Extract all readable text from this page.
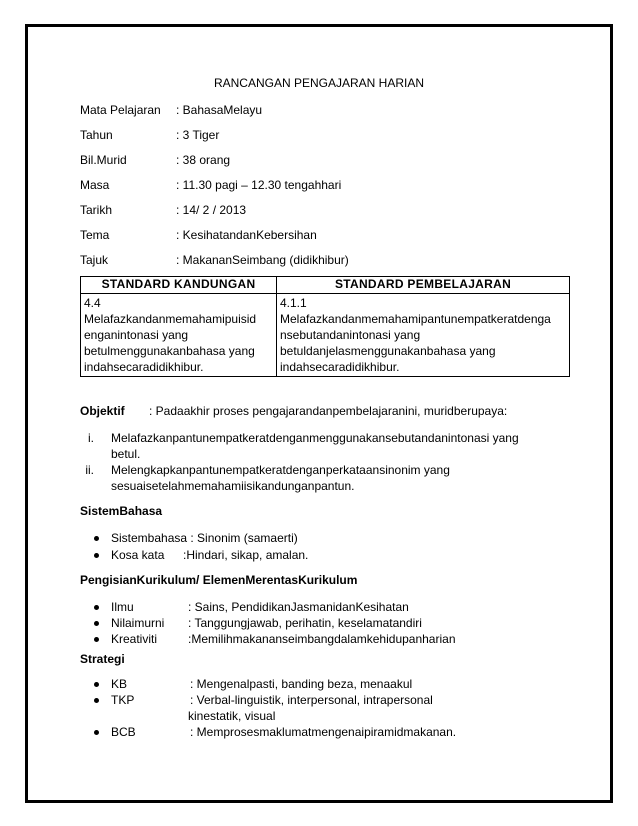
RANCANGAN PENGAJARAN HARIAN
Mata Pelajaran : BahasaMelayu
Tahun	: 3 Tiger
Bil.Murid	: 38 orang
Masa	: 11.30 pagi – 12.30 tengahhari
Tarikh	: 14/ 2 / 2013
Tema	: KesihatandanKebersihan
Tajuk	: MakananSeimbang (didikhibur)
STANDARD KANDUNGAN	STANDARD PEMBELAJARAN

4.4
Melafazkandanmemahamipuisid
enganintonasi yang
betulmenggunakanbahasa yang
indahsecaradidikhibur.	4.1.1
Melafazkandanmemahamipantunempatkeratdenga
nsebutandanintonasi yang
betuldanjelasmenggunakanbahasa yang
indahsecaradidikhibur.
Objektif : Padaakhir proses pengajarandanpembelajaranini, muridberupaya:
i. Melafazkanpantunempatkeratdenganmenggunakansebutandanintonasi yang
betul.
ii. Melengkapkanpantunempatkeratdenganperkataansinonim yang
sesuaisetelahmemahamiisikandunganpantun.
SistemBahasa
Sistembahasa : Sinonim (samaerti)
Kosa kata :Hindari, sikap, amalan.
PengisianKurikulum/ ElemenMerentasKurikulum
Ilmu	: Sains, PendidikanJasmanidanKesihatan
Nilaimurni : Tanggungjawab, perihatin, keselamatandiri
Kreativiti	:Memilihmakananseimbangdalamkehidupanharian
Strategi
KB	: Mengenalpasti, banding beza, menaakul
TKP	: Verbal-linguistik, interpersonal, intrapersonal
kinestatik, visual
BCB	: Memprosesmaklumatmengenaipiramidmakanan.
